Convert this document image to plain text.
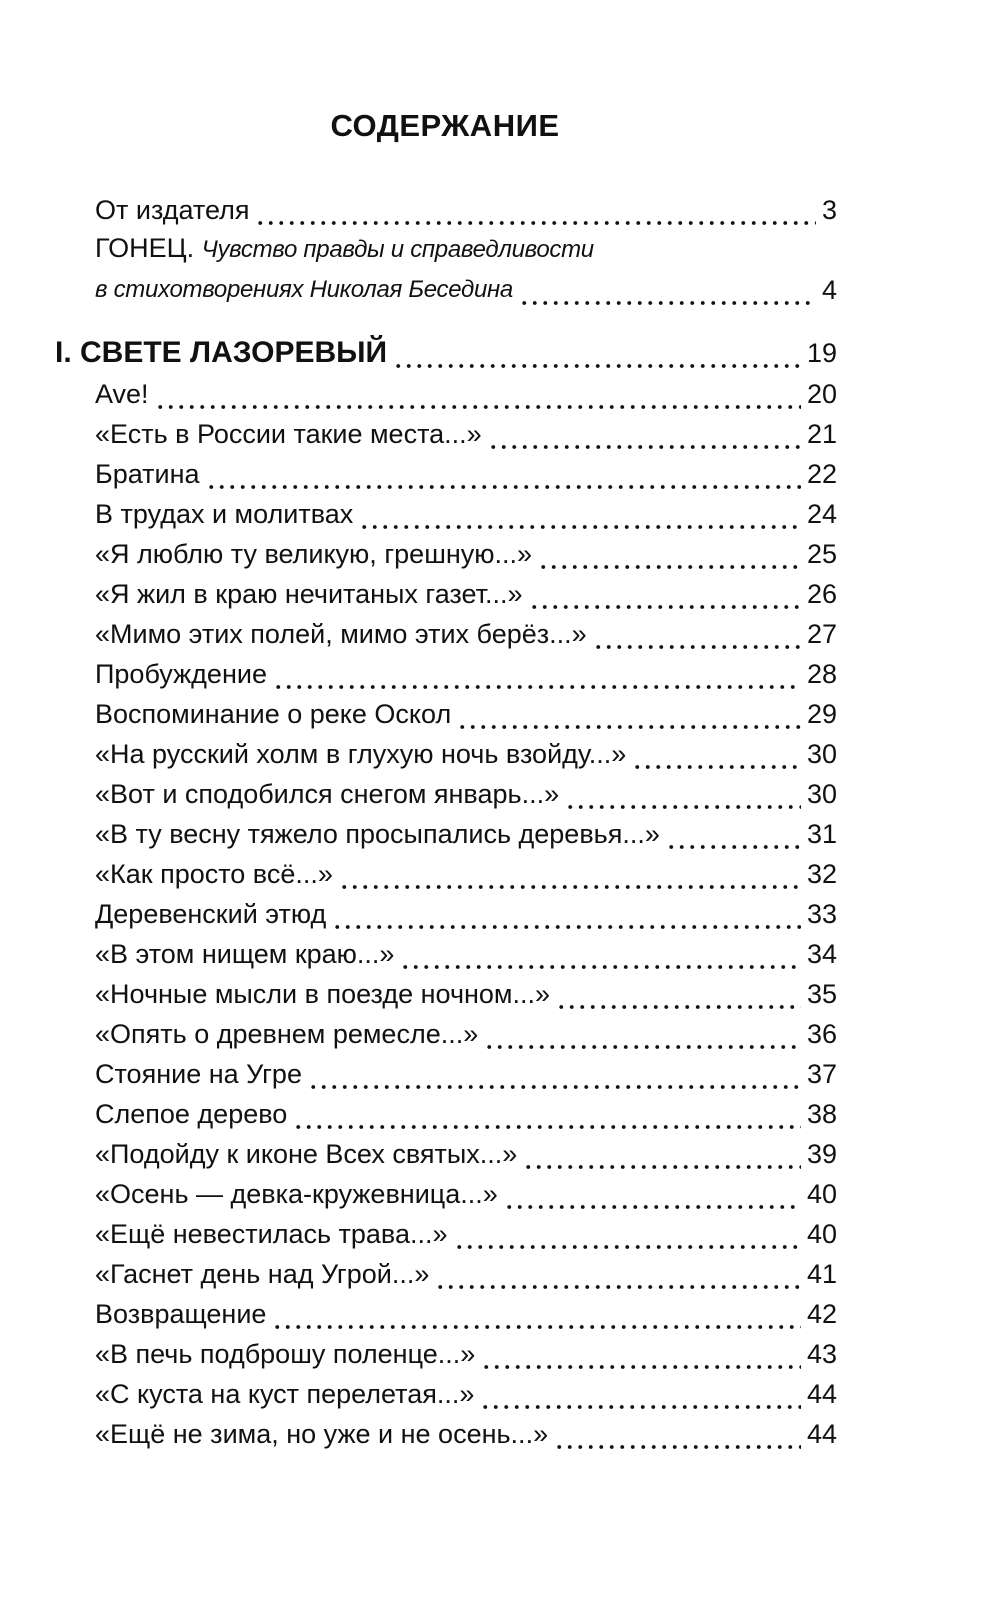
СОДЕРЖАНИЕ
От издателя	3
ГОНЕЦ. Чувство правды и справедливости
в стихотворениях Николая Беседина	4
I. СВЕТЕ ЛАЗОРЕВЫЙ	19
Ave!	20
«Есть в России такие места...»	21
Братина	22
В трудах и молитвах	24
«Я люблю ту великую, грешную...»	25
«Я жил в краю нечитаных газет...»	26
«Мимо этих полей, мимо этих берёз...»	27
Пробуждение	28
Воспоминание о реке Оскол	29
«На русский холм в глухую ночь взойду...»	30
«Вот и сподобился снегом январь...»	30
«В ту весну тяжело просыпались деревья...»	31
«Как просто всё...»	32
Деревенский этюд	33
«В этом нищем краю...»	34
«Ночные мысли в поезде ночном...»	35
«Опять о древнем ремесле...»	36
Стояние на Угре	37
Слепое дерево	38
«Подойду к иконе Всех святых...»	39
«Осень — девка-кружевница...»	40
«Ещё невестилась трава...»	40
«Гаснет день над Угрой...»	41
Возвращение	42
«В печь подброшу поленце...»	43
«С куста на куст перелетая...»	44
«Ещё не зима, но уже и не осень...»	44
